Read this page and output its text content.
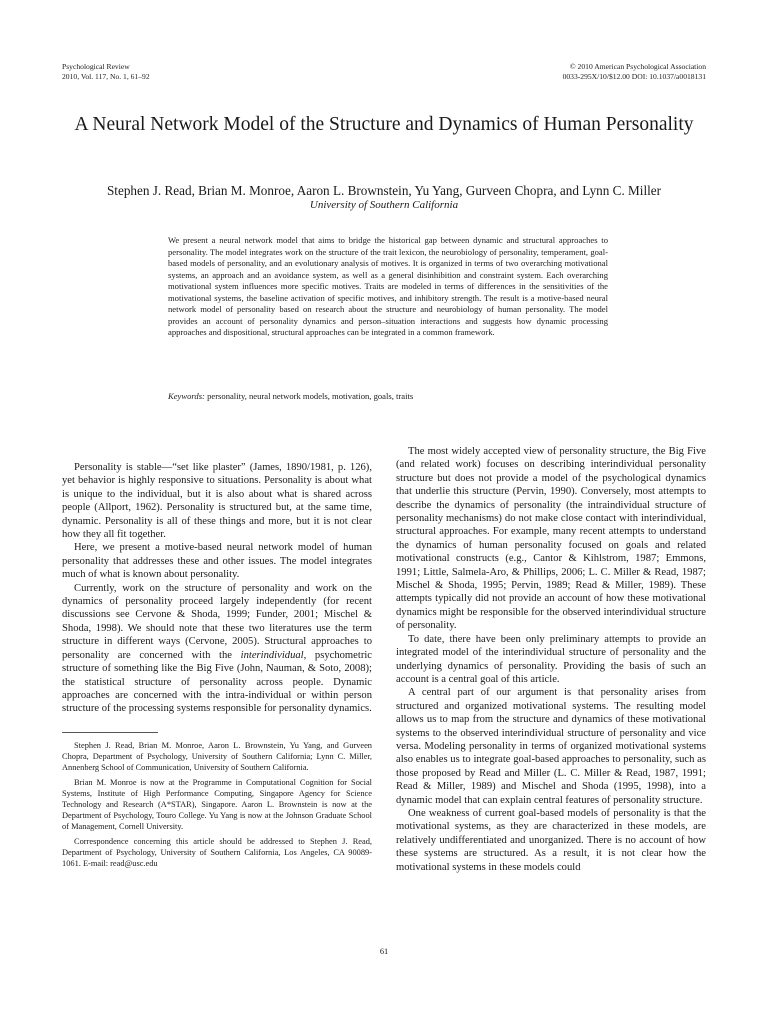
Psychological Review
2010, Vol. 117, No. 1, 61–92
© 2010 American Psychological Association
0033-295X/10/$12.00 DOI: 10.1037/a0018131
A Neural Network Model of the Structure and Dynamics of Human Personality
Stephen J. Read, Brian M. Monroe, Aaron L. Brownstein, Yu Yang, Gurveen Chopra, and Lynn C. Miller
University of Southern California
We present a neural network model that aims to bridge the historical gap between dynamic and structural approaches to personality. The model integrates work on the structure of the trait lexicon, the neurobiology of personality, temperament, goal-based models of personality, and an evolutionary analysis of motives. It is organized in terms of two overarching motivational systems, an approach and an avoidance system, as well as a general disinhibition and constraint system. Each overarching motivational system influences more specific motives. Traits are modeled in terms of differences in the sensitivities of the motivational systems, the baseline activation of specific motives, and inhibitory strength. The result is a motive-based neural network model of personality based on research about the structure and neurobiology of human personality. The model provides an account of personality dynamics and person–situation interactions and suggests how dynamic processing approaches and dispositional, structural approaches can be integrated in a common framework.
Keywords: personality, neural network models, motivation, goals, traits

Personality is stable—“set like plaster” (James, 1890/1981, p. 126), yet behavior is highly responsive to situations. Personality is about what is unique to the individual, but it is also about what is shared across people (Allport, 1962). Personality is structured but, at the same time, dynamic. Personality is all of these things and more, but it is not clear how they all fit together.

Here, we present a motive-based neural network model of human personality that addresses these and other issues. The model integrates much of what is known about personality.

Currently, work on the structure of personality and work on the dynamics of personality proceed largely independently (for recent discussions see Cervone & Shoda, 1999; Funder, 2001; Mischel & Shoda, 1998). We should note that these two literatures use the term structure in different ways (Cervone, 2005). Structural approaches to personality are concerned with the interindividual, psychometric structure of something like the Big Five (John, Nauman, & Soto, 2008); the statistical structure of personality across people. Dynamic approaches are concerned with the intra-individual or within person structure of the processing systems responsible for personality dynamics.

Stephen J. Read, Brian M. Monroe, Aaron L. Brownstein, Yu Yang, and Gurveen Chopra, Department of Psychology, University of Southern California; Lynn C. Miller, Annenberg School of Communication, University of Southern California.

Brian M. Monroe is now at the Programme in Computational Cognition for Social Systems, Institute of High Performance Computing, Singapore Agency for Science Technology and Research (A*STAR), Singapore. Aaron L. Brownstein is now at the Department of Psychology, Touro College. Yu Yang is now at the Johnson Graduate School of Management, Cornell University.

Correspondence concerning this article should be addressed to Stephen J. Read, Department of Psychology, University of Southern California, Los Angeles, CA 90089-1061. E-mail: read@usc.edu

The most widely accepted view of personality structure, the Big Five (and related work) focuses on describing interindividual personality structure but does not provide a model of the psychological dynamics that underlie this structure (Pervin, 1990). Conversely, most attempts to describe the dynamics of personality (the intraindividual structure of personality mechanisms) do not make close contact with interindividual, structural approaches. For example, many recent attempts to understand the dynamics of human personality focused on goals and related motivational constructs (e.g., Cantor & Kihlstrom, 1987; Emmons, 1991; Little, Salmela-Aro, & Phillips, 2006; L. C. Miller & Read, 1987; Mischel & Shoda, 1995; Pervin, 1989; Read & Miller, 1989). These attempts typically did not provide an account of how these motivational dynamics might be responsible for the observed interindividual structure of personality.

To date, there have been only preliminary attempts to provide an integrated model of the interindividual structure of personality and the underlying dynamics of personality. Providing the basis of such an account is a central goal of this article.

A central part of our argument is that personality arises from structured and organized motivational systems. The resulting model allows us to map from the structure and dynamics of these motivational systems to the observed interindividual structure of personality and vice versa. Modeling personality in terms of organized motivational systems also enables us to integrate goal-based approaches to personality, such as those proposed by Read and Miller (L. C. Miller & Read, 1987, 1991; Read & Miller, 1989) and Mischel and Shoda (1995, 1998), into a dynamic model that can explain central features of personality structure.

One weakness of current goal-based models of personality is that the motivational systems, as they are characterized in these models, are relatively undifferentiated and unorganized. There is no account of how these systems are structured. As a result, it is not clear how the motivational systems in these models could

61
